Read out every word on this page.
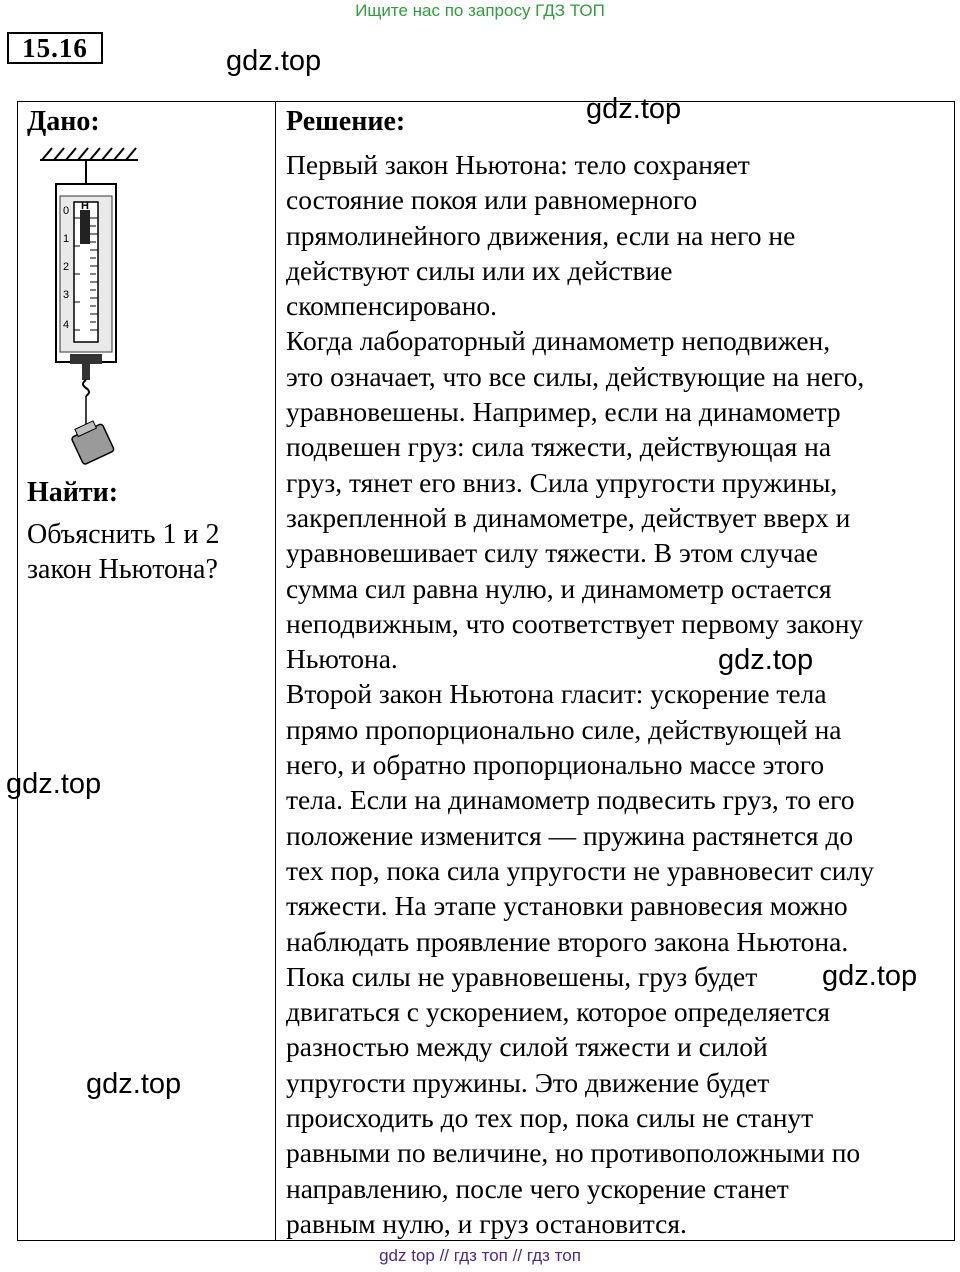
Ищите нас по запросу ГДЗ ТОП
15.16	gdz.top
gdz.top
Дано:
Н
0
1
2
3
4
Найти:
Объяснить 1 и 2
закон Ньютона?
gdz.top
gdz.top
Решение:
Первый закон Ньютона: тело сохраняет
состояние покоя или равномерного
прямолинейного движения, если на него не
действуют силы или их действие
скомпенсировано.
Когда лабораторный динамометр неподвижен,
это означает, что все силы, действующие на него,
уравновешены. Например, если на динамометр
подвешен груз: сила тяжести, действующая на
груз, тянет его вниз. Сила упругости пружины,
закрепленной в динамометре, действует вверх и
уравновешивает силу тяжести. В этом случае
сумма сил равна нулю, и динамометр остается
неподвижным, что соответствует первому закону
Ньютона.
Второй закон Ньютона гласит: ускорение тела
прямо пропорционально силе, действующей на
него, и обратно пропорционально массе этого
тела. Если на динамометр подвесить груз, то его
положение изменится — пружина растянется до
тех пор, пока сила упругости не уравновесит силу
тяжести. На этапе установки равновесия можно
наблюдать проявление второго закона Ньютона.
Пока силы не уравновешены, груз будет
двигаться с ускорением, которое определяется
разностью между силой тяжести и силой
упругости пружины. Это движение будет
происходить до тех пор, пока силы не станут
равными по величине, но противоположными по
направлению, после чего ускорение станет
равным нулю, и груз остановится.
gdz.top
gdz.top
gdz top // гдз топ // гдз топ
